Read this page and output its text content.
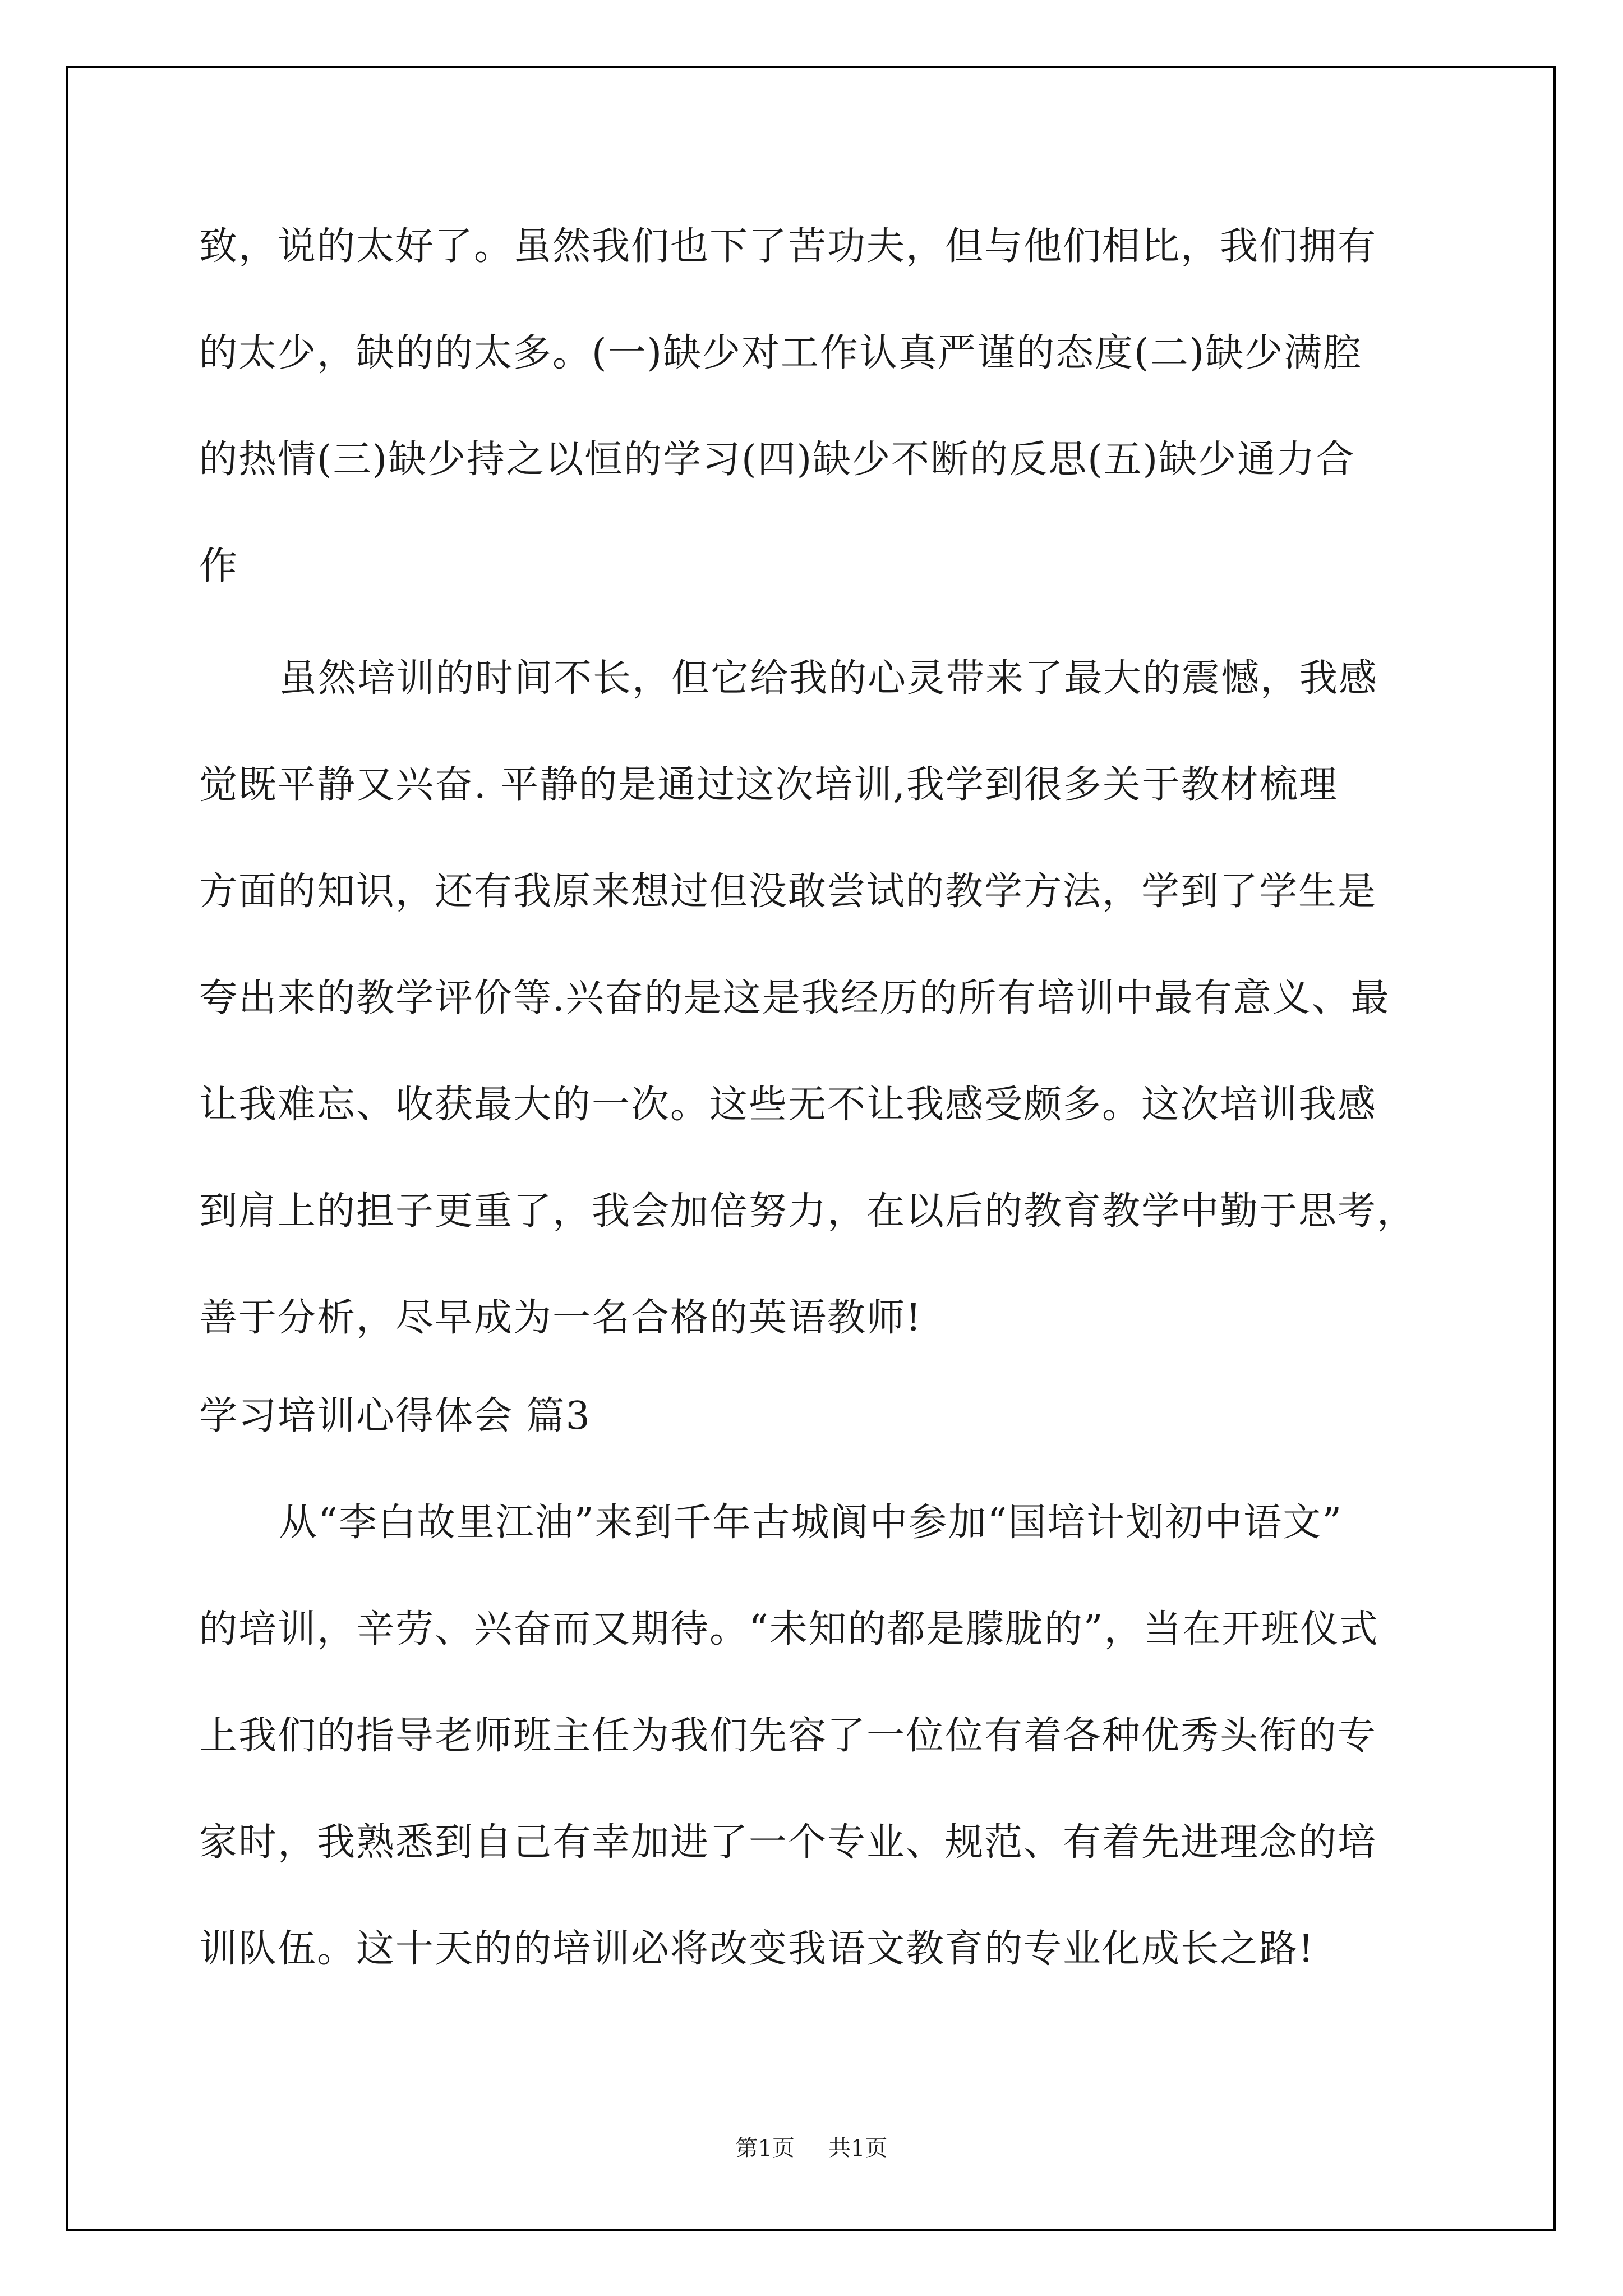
致，说的太好了。虽然我们也下了苦功夫，但与他们相比，我们拥有
的太少，缺的的太多。(一)缺少对工作认真严谨的态度(二)缺少满腔
的热情(三)缺少持之以恒的学习(四)缺少不断的反思(五)缺少通力合
作
虽然培训的时间不长，但它给我的心灵带来了最大的震憾，我感
觉既平静又兴奋. 平静的是通过这次培训,我学到很多关于教材梳理
方面的知识，还有我原来想过但没敢尝试的教学方法，学到了学生是
夸出来的教学评价等.兴奋的是这是我经历的所有培训中最有意义、最
让我难忘、收获最大的一次。这些无不让我感受颇多。这次培训我感
到肩上的担子更重了，我会加倍努力，在以后的教育教学中勤于思考，
善于分析，尽早成为一名合格的英语教师!
学习培训心得体会 篇3
从“李白故里江油”来到千年古城阆中参加“国培计划初中语文”
的培训，辛劳、兴奋而又期待。“未知的都是朦胧的”，当在开班仪式
上我们的指导老师班主任为我们先容了一位位有着各种优秀头衔的专
家时，我熟悉到自己有幸加进了一个专业、规范、有着先进理念的培
训队伍。这十天的的培训必将改变我语文教育的专业化成长之路!
第1页 共1页
